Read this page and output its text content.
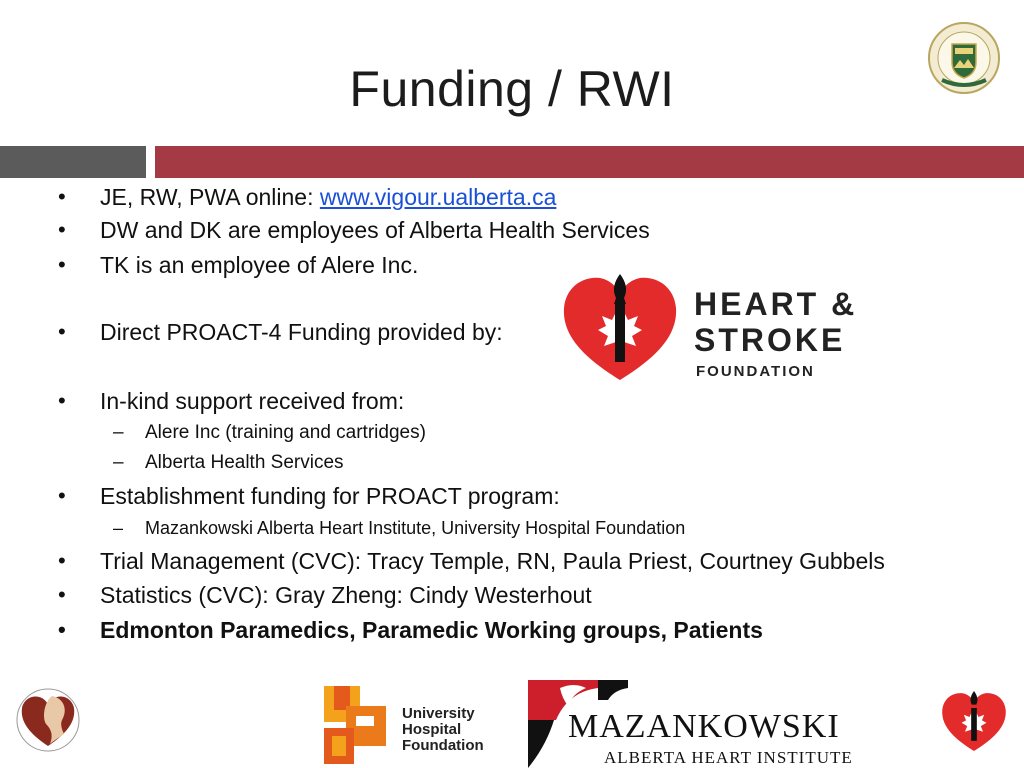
Funding / RWI
• JE, RW, PWA online: www.vigour.ualberta.ca
• DW and DK are employees of Alberta Health Services
• TK is an employee of Alere Inc.
• Direct PROACT-4 Funding provided by:
• In-kind support received from:
– Alere Inc (training and cartridges)
– Alberta Health Services
• Establishment funding for PROACT program:
– Mazankowski Alberta Heart Institute, University Hospital Foundation
• Trial Management (CVC): Tracy Temple, RN, Paula Priest, Courtney Gubbels
• Statistics (CVC): Gray Zheng: Cindy Westerhout
• Edmonton Paramedics, Paramedic Working groups, Patients
HEART &
STROKE
FOUNDATION
University
Hospital
Foundation
MAZANKOWSKI
ALBERTA HEART INSTITUTE
